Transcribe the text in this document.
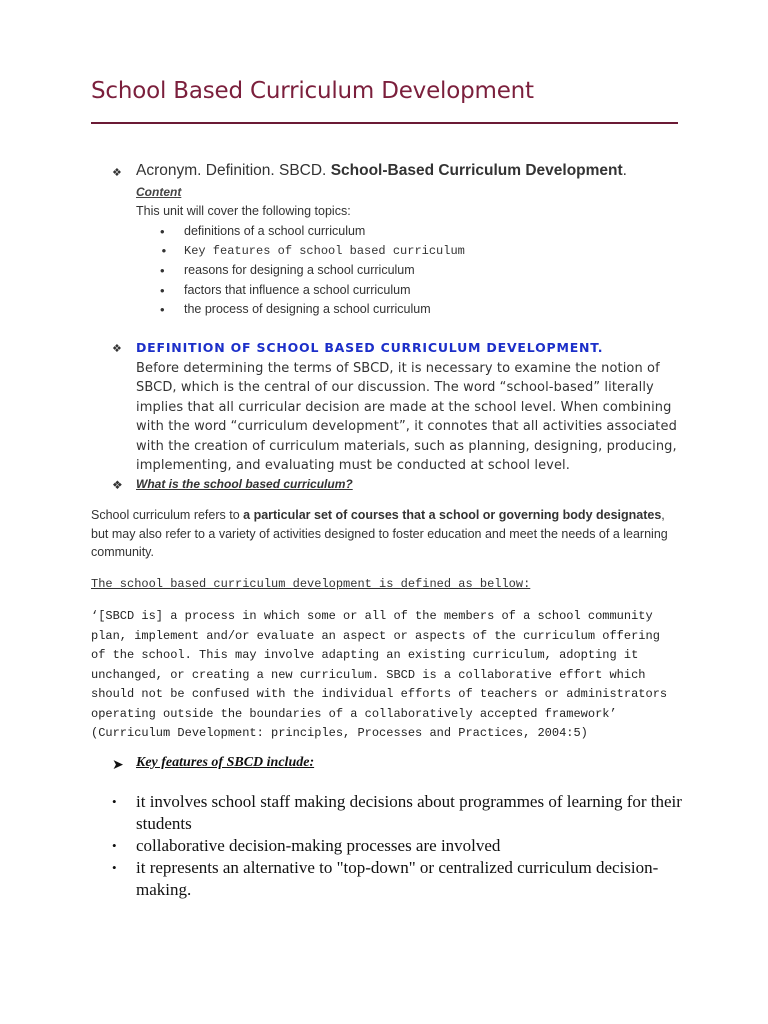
School Based Curriculum Development
❖ Acronym. Definition. SBCD. School-Based Curriculum Development.
Content
This unit will cover the following topics:
• definitions of a school curriculum
• Key features of school based curriculum
• reasons for designing a school curriculum
• factors that influence a school curriculum
• the process of designing a school curriculum
❖ DEFINITION OF SCHOOL BASED CURRICULUM DEVELOPMENT.
Before determining the terms of SBCD, it is necessary to examine the notion of SBCD, which is the central of our discussion. The word “school-based” literally implies that all curricular decision are made at the school level. When combining with the word “curriculum development”, it connotes that all activities associated with the creation of curriculum materials, such as planning, designing, producing, implementing, and evaluating must be conducted at school level.
❖ What is the school based curriculum?
School curriculum refers to a particular set of courses that a school or governing body designates, but may also refer to a variety of activities designed to foster education and meet the needs of a learning community.
The school based curriculum development is defined as bellow:
‘[SBCD is] a process in which some or all of the members of a school community plan, implement and/or evaluate an aspect or aspects of the curriculum offering of the school. This may involve adapting an existing curriculum, adopting it unchanged, or creating a new curriculum. SBCD is a collaborative effort which should not be confused with the individual efforts of teachers or administrators operating outside the boundaries of a collaboratively accepted framework’ (Curriculum Development: principles, Processes and Practices, 2004:5)
➤ Key features of SBCD include:
• it involves school staff making decisions about programmes of learning for their students
• collaborative decision-making processes are involved
• it represents an alternative to "top-down" or centralized curriculum decision-making.
